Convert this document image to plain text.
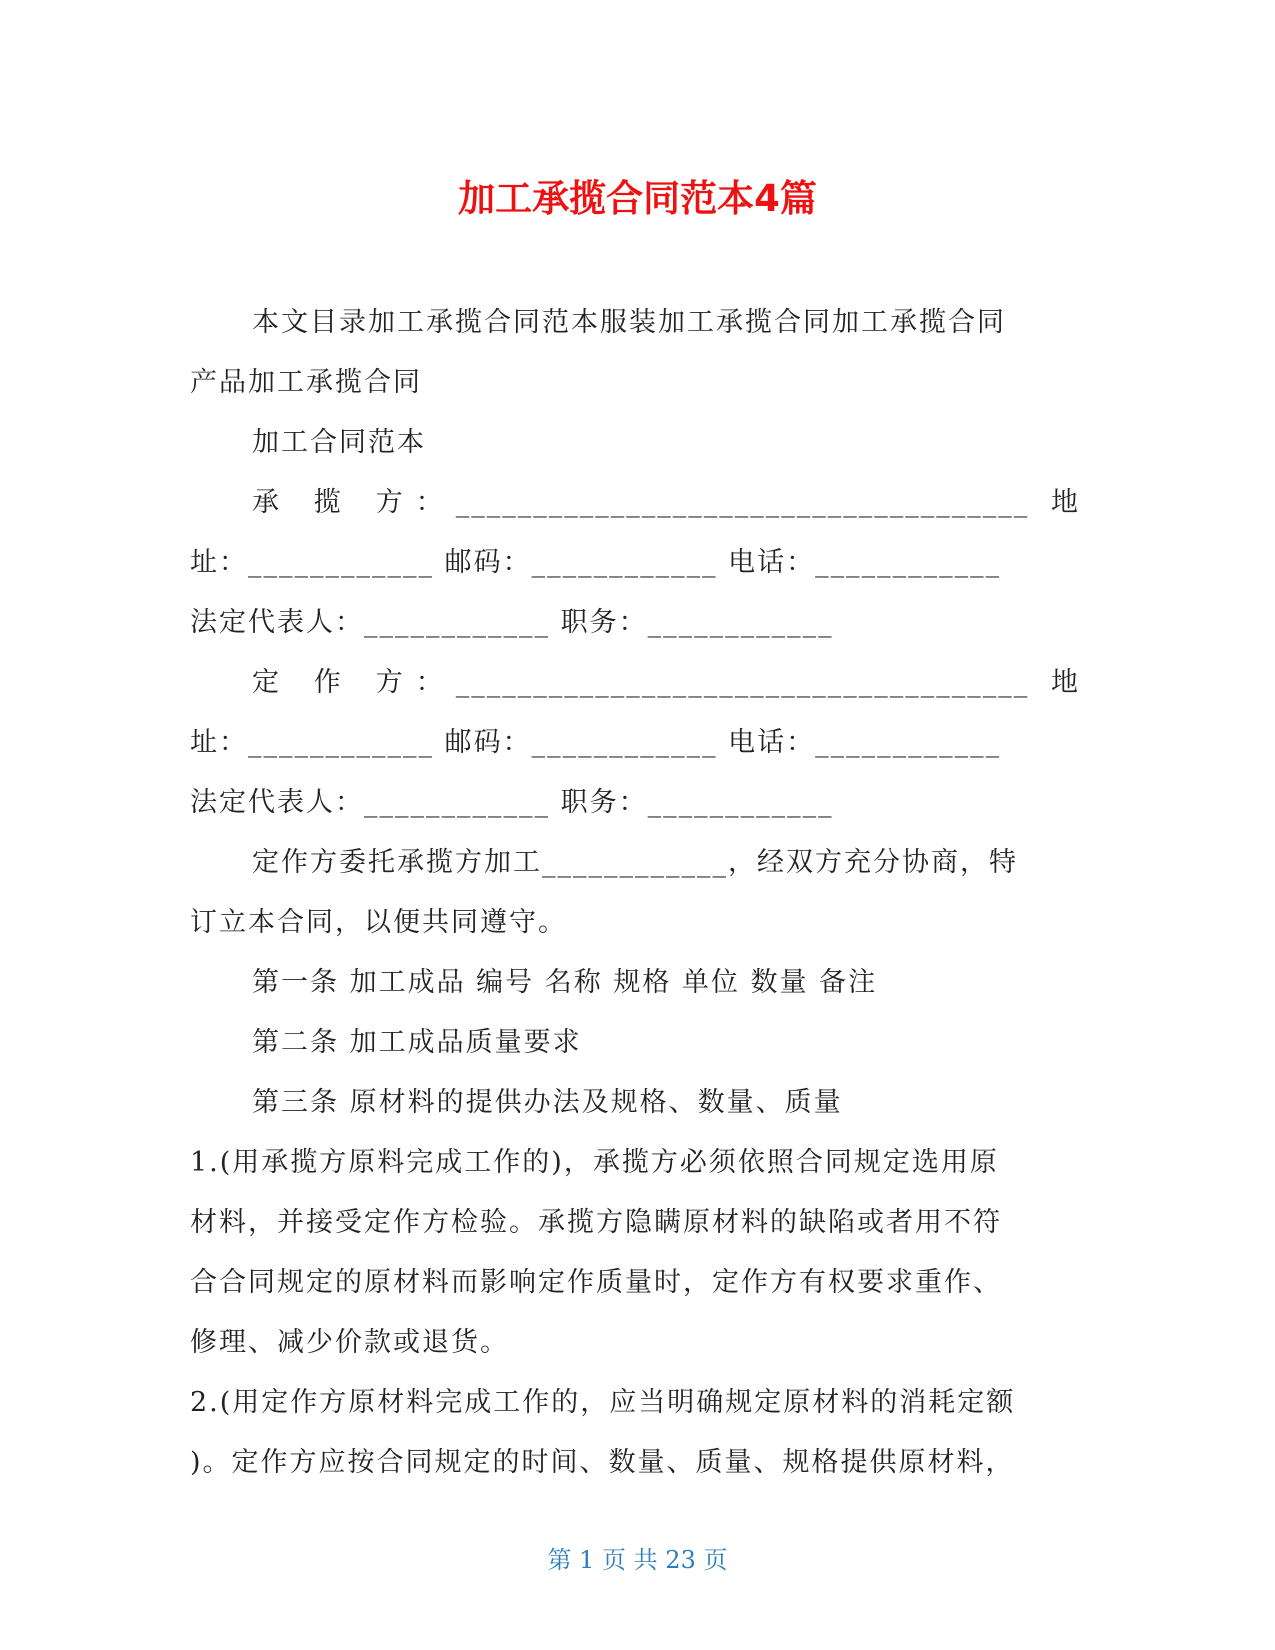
加工承揽合同范本4篇

本文目录加工承揽合同范本服装加工承揽合同加工承揽合同

产品加工承揽合同

加工合同范本

承 揽 方：_____________________________________ 地

址：____________ 邮码：____________ 电话：____________

法定代表人：____________ 职务：____________

定 作 方：_____________________________________ 地

址：____________ 邮码：____________ 电话：____________

法定代表人：____________ 职务：____________

定作方委托承揽方加工____________，经双方充分协商，特

订立本合同，以便共同遵守。

第一条 加工成品 编号 名称 规格 单位 数量 备注

第二条 加工成品质量要求

第三条 原材料的提供办法及规格、数量、质量

1.(用承揽方原料完成工作的)，承揽方必须依照合同规定选用原

材料，并接受定作方检验。承揽方隐瞒原材料的缺陷或者用不符

合合同规定的原材料而影响定作质量时，定作方有权要求重作、

修理、减少价款或退货。

2.(用定作方原材料完成工作的，应当明确规定原材料的消耗定额

)。定作方应按合同规定的时间、数量、质量、规格提供原材料，

第 1 页 共 23 页
